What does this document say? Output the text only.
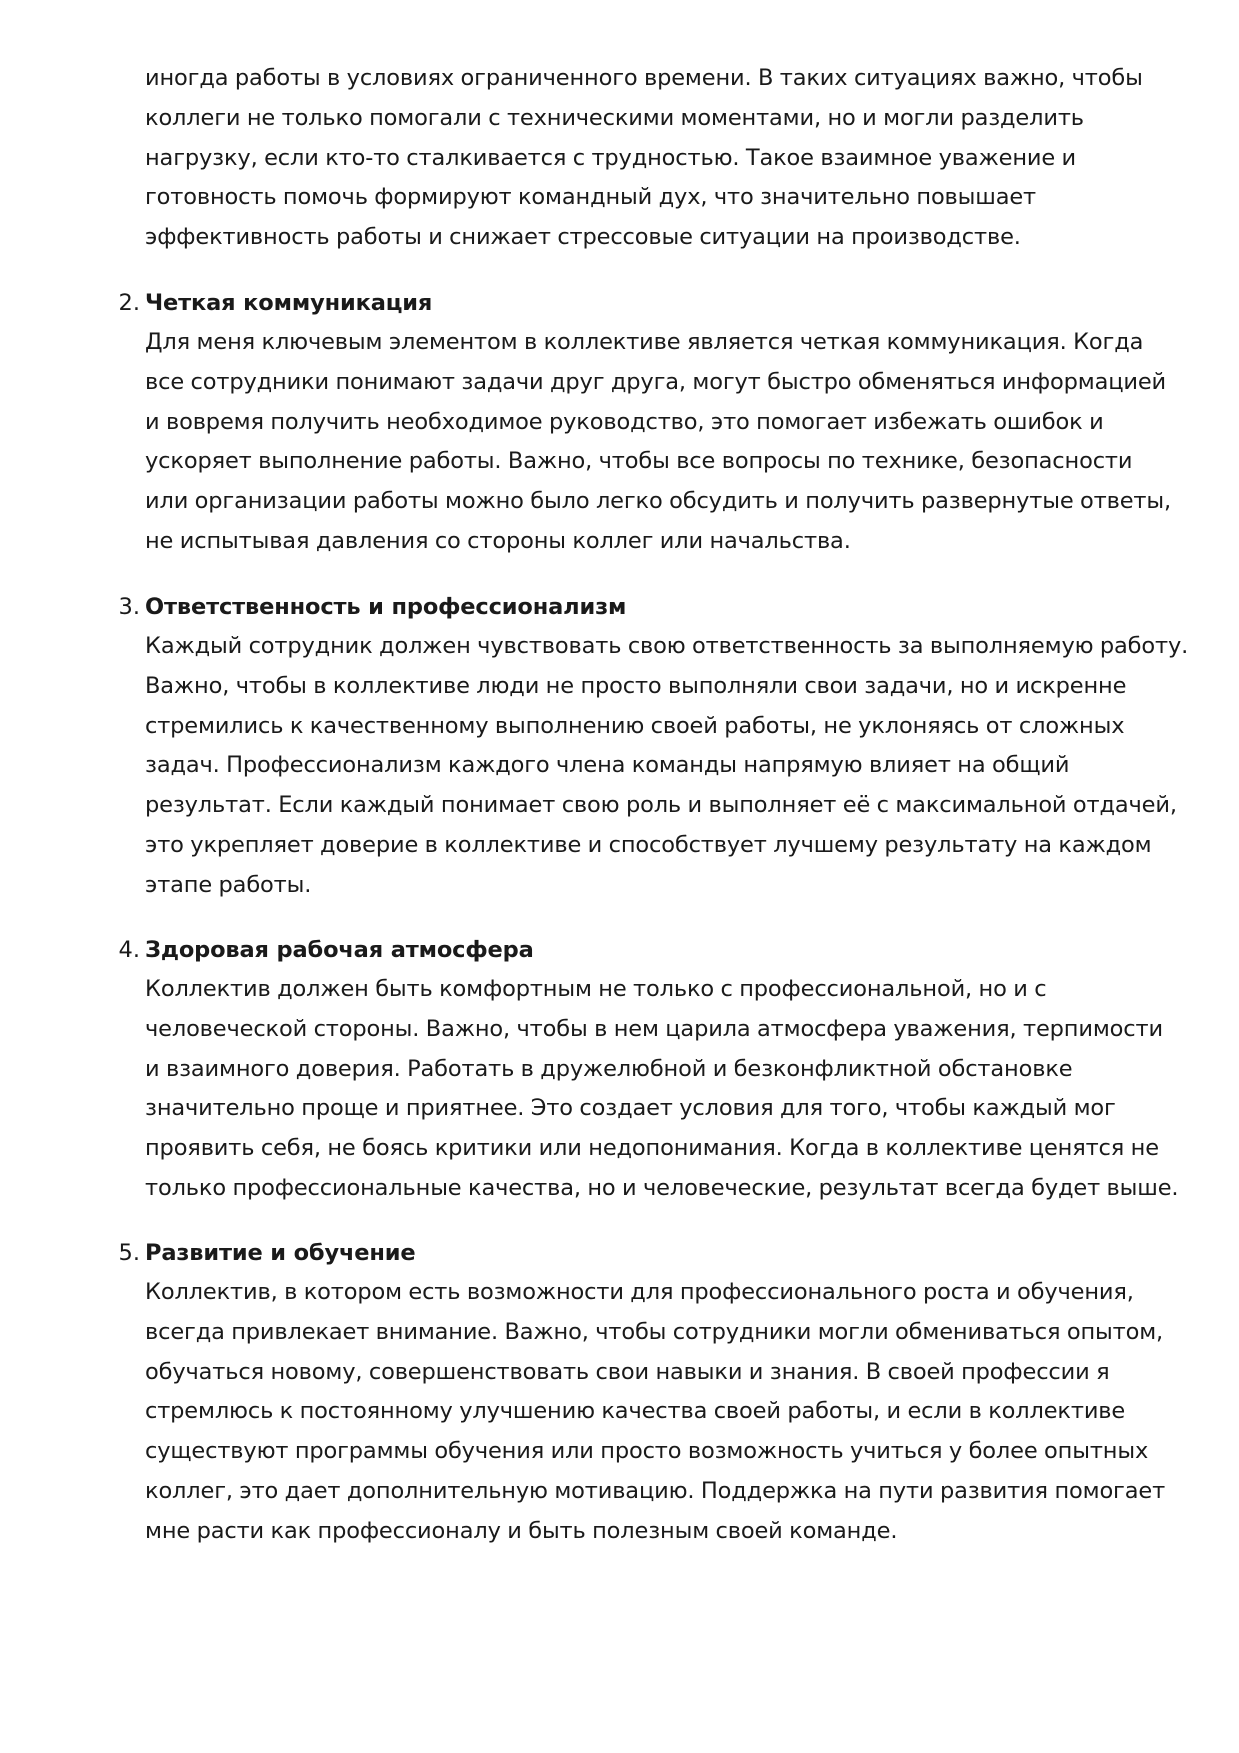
иногда работы в условиях ограниченного времени. В таких ситуациях важно, чтобы
коллеги не только помогали с техническими моментами, но и могли разделить
нагрузку, если кто-то сталкивается с трудностью. Такое взаимное уважение и
готовность помочь формируют командный дух, что значительно повышает
эффективность работы и снижает стрессовые ситуации на производстве.
2. Четкая коммуникация
Для меня ключевым элементом в коллективе является четкая коммуникация. Когда
все сотрудники понимают задачи друг друга, могут быстро обменяться информацией
и вовремя получить необходимое руководство, это помогает избежать ошибок и
ускоряет выполнение работы. Важно, чтобы все вопросы по технике, безопасности
или организации работы можно было легко обсудить и получить развернутые ответы,
не испытывая давления со стороны коллег или начальства.
3. Ответственность и профессионализм
Каждый сотрудник должен чувствовать свою ответственность за выполняемую работу.
Важно, чтобы в коллективе люди не просто выполняли свои задачи, но и искренне
стремились к качественному выполнению своей работы, не уклоняясь от сложных
задач. Профессионализм каждого члена команды напрямую влияет на общий
результат. Если каждый понимает свою роль и выполняет её с максимальной отдачей,
это укрепляет доверие в коллективе и способствует лучшему результату на каждом
этапе работы.
4. Здоровая рабочая атмосфера
Коллектив должен быть комфортным не только с профессиональной, но и с
человеческой стороны. Важно, чтобы в нем царила атмосфера уважения, терпимости
и взаимного доверия. Работать в дружелюбной и безконфликтной обстановке
значительно проще и приятнее. Это создает условия для того, чтобы каждый мог
проявить себя, не боясь критики или недопонимания. Когда в коллективе ценятся не
только профессиональные качества, но и человеческие, результат всегда будет выше.
5. Развитие и обучение
Коллектив, в котором есть возможности для профессионального роста и обучения,
всегда привлекает внимание. Важно, чтобы сотрудники могли обмениваться опытом,
обучаться новому, совершенствовать свои навыки и знания. В своей профессии я
стремлюсь к постоянному улучшению качества своей работы, и если в коллективе
существуют программы обучения или просто возможность учиться у более опытных
коллег, это дает дополнительную мотивацию. Поддержка на пути развития помогает
мне расти как профессионалу и быть полезным своей команде.
